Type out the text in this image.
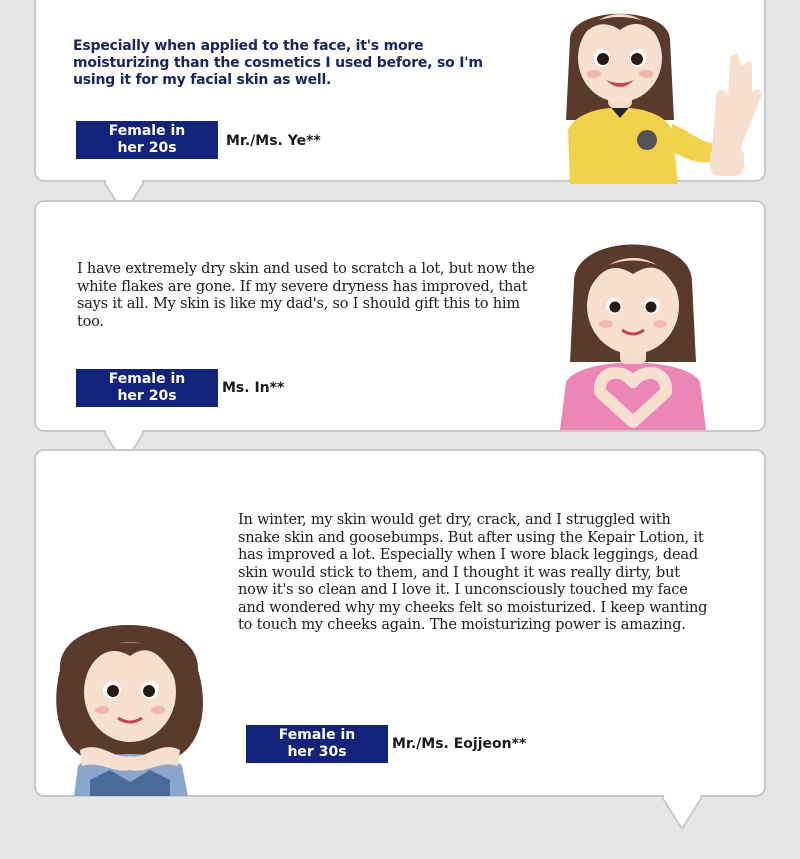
Especially when applied to the face, it's more moisturizing than the cosmetics I used before, so I'm using it for my facial skin as well.

Female in
her 20s	Mr./Ms. Ye**

I have extremely dry skin and used to scratch a lot, but now the white flakes are gone. If my severe dryness has improved, that says it all. My skin is like my dad's, so I should gift this to him too.

Female in
her 20s	Ms. In**

In winter, my skin would get dry, crack, and I struggled with snake skin and goosebumps. But after using the Kepair Lotion, it has improved a lot. Especially when I wore black leggings, dead skin would stick to them, and I thought it was really dirty, but now it's so clean and I love it. I unconsciously touched my face and wondered why my cheeks felt so moisturized. I keep wanting to touch my cheeks again. The moisturizing power is amazing.

Female in
her 30s	Mr./Ms. Eojjeon**
